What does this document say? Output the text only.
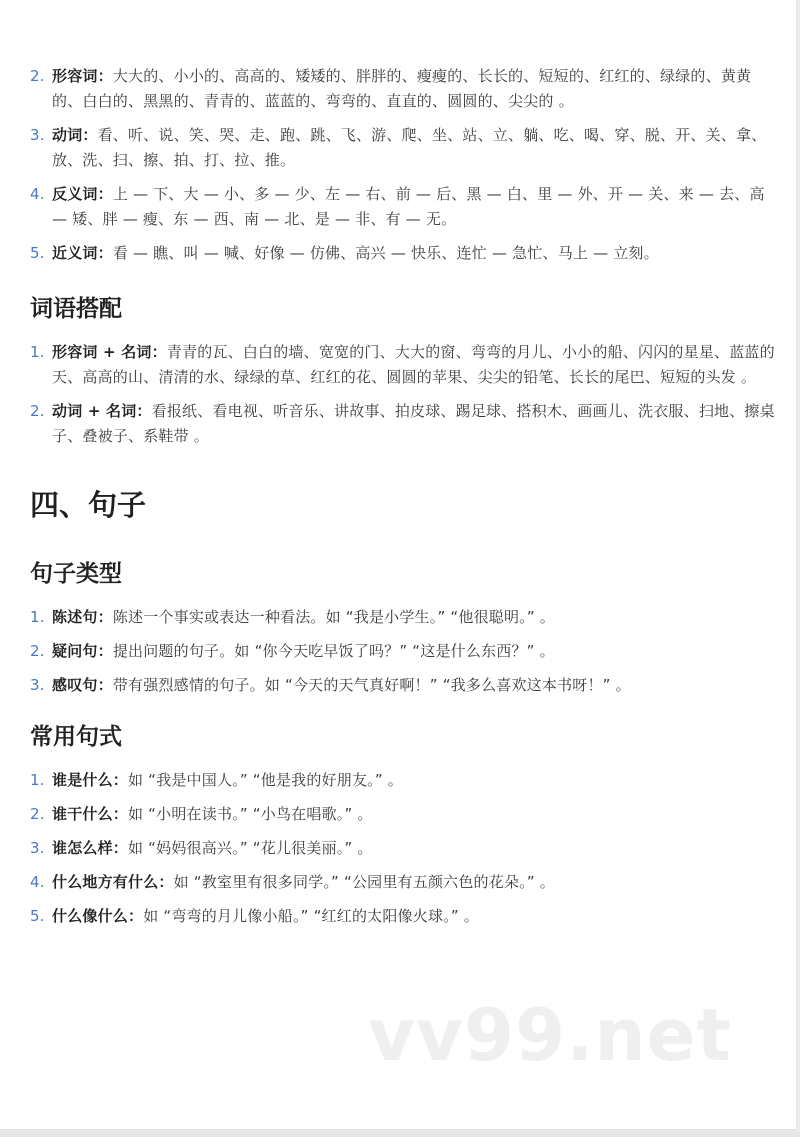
2. 形容词：大大的、小小的、高高的、矮矮的、胖胖的、瘦瘦的、长长的、短短的、红红的、绿绿的、黄黄的、白白的、黑黑的、青青的、蓝蓝的、弯弯的、直直的、圆圆的、尖尖的 。
3. 动词：看、听、说、笑、哭、走、跑、跳、飞、游、爬、坐、站、立、躺、吃、喝、穿、脱、开、关、拿、放、洗、扫、擦、拍、打、拉、推。
4. 反义词：上 — 下、大 — 小、多 — 少、左 — 右、前 — 后、黑 — 白、里 — 外、开 — 关、来 — 去、高 — 矮、胖 — 瘦、东 — 西、南 — 北、是 — 非、有 — 无。
5. 近义词：看 — 瞧、叫 — 喊、好像 — 仿佛、高兴 — 快乐、连忙 — 急忙、马上 — 立刻。
词语搭配
1. 形容词 + 名词：青青的瓦、白白的墙、宽宽的门、大大的窗、弯弯的月儿、小小的船、闪闪的星星、蓝蓝的天、高高的山、清清的水、绿绿的草、红红的花、圆圆的苹果、尖尖的铅笔、长长的尾巴、短短的头发 。
2. 动词 + 名词：看报纸、看电视、听音乐、讲故事、拍皮球、踢足球、搭积木、画画儿、洗衣服、扫地、擦桌子、叠被子、系鞋带 。
四、句子
句子类型
1. 陈述句：陈述一个事实或表达一种看法。如 “我是小学生。” “他很聪明。” 。
2. 疑问句：提出问题的句子。如 “你今天吃早饭了吗？” “这是什么东西？” 。
3. 感叹句：带有强烈感情的句子。如 “今天的天气真好啊！” “我多么喜欢这本书呀！” 。
常用句式
1. 谁是什么：如 “我是中国人。” “他是我的好朋友。” 。
2. 谁干什么：如 “小明在读书。” “小鸟在唱歌。” 。
3. 谁怎么样：如 “妈妈很高兴。” “花儿很美丽。” 。
4. 什么地方有什么：如 “教室里有很多同学。” “公园里有五颜六色的花朵。” 。
5. 什么像什么：如 “弯弯的月儿像小船。” “红红的太阳像火球。” 。
vv99.net
